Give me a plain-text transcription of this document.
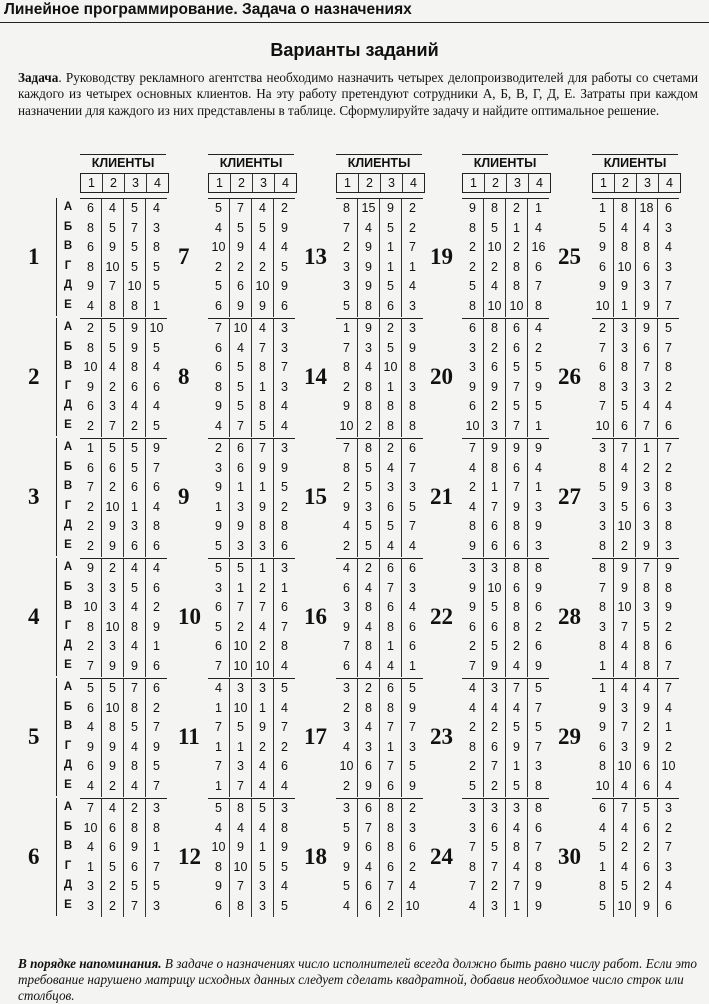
Линейное программирование. Задача о назначениях
Варианты заданий
Задача. Руководству рекламного агентства необходимо назначить четырех делопроизводителей для работы со счетами каждого из четырех основных клиентов. На эту работу претендуют сотрудники А, Б, В, Г, Д, Е. Затраты при каждом назначении для каждого из них представлены в таблице. Сформулируйте задачу и найдите оптимальное решение.
КЛИЕНТЫ
1	2	3	4
1
А
Б
В
Г
Д
Е
6	4	5	4
8	5	7	3
6	9	5	8
8 10 5	5
9	7 10 5
4	8	8	1
2
А
Б
В
Г
Д
Е
2	5	9 10
8	5	9	5
10 4	8	4
9	2	6	6
6	3	4	4
2	7	2	5
3
А
Б
В
Г
Д
Е
1	5	5	9
6	6	5	7
7	2	6	6
2 10 1	4
2	9	3	8
2	9	6	6
4
А
Б
В
Г
Д
Е
9	2	4	4
3	3	5	6
10 3	4	2
8 10 8	9
2	3	4	1
7	9	9	6
5
А
Б
В
Г
Д
Е
5	5	7	6
6 10 8	2
4	8	5	7
9	9	4	9
6	9	8	5
4	2	4	7
6
А
Б
В
Г
Д
Е
7	4	2	3
10 6	8	8
4	6	9	1
1	5	6	7
3	2	5	5
3	2	7	3
КЛИЕНТЫ
1	2	3	4
7
5	7	4	2
4	5	5	9
10 9	4	4
2	2	2	5
5	6 10 9
6	9	9	6
8
7 10 4	3
6	4	7	3
6	5	8	7
8	5	1	3
9	5	8	4
4	7	5	4
9
2	6	7	3
3	6	9	9
9	1	1	5
1	3	9	2
9	9	8	8
5	3	3	6
10
5	5	1	3
3	1	2	1
6	7	7	6
5	2	4	7
6 10 2	8
7 10 10 4
11
4	3	3	5
1 10 1	4
7	5	9	7
1	1	2	2
7	3	4	6
1	7	4	4
12
5	8	5	3
4	4	4	8
10 9	1	9
8 10 5	5
9	7	3	4
6	8	3	5
КЛИЕНТЫ
1	2	3	4
13
8 15 9	2
7	4	5	2
2	9	1	7
3	9	1	1
3	9	5	4
5	8	6	3
14
1	9	2	3
7	3	5	9
8	4 10 8
2	8	1	3
9	8	8	8
10 2	8	8
15
7	8	2	6
8	5	4	7
2	5	3	3
9	3	6	5
4	5	5	7
2	5	4	4
16
4	2	6	6
6	4	7	3
3	8	6	4
9	4	8	6
7	8	1	6
6	4	4	1
17
3	2	6	5
2	8	8	9
3	4	7	7
4	3	1	3
10 6	7	5
2	9	6	9
18
3	6	8	2
5	7	8	3
9	6	8	6
9	4	6	2
5	6	7	4
4	6	2 10
КЛИЕНТЫ
1	2	3	4
19
9	8	2	1
8	5	1	4
2 10 2 16
2	2	8	6
5	4	8	7
8 10 10 8
20
6	8	6	4
3	2	6	2
3	6	5	5
9	9	7	9
6	2	5	5
10 3	7	1
21
7	9	9	9
4	8	6	4
2	1	7	1
4	7	9	3
8	6	8	9
9	6	6	3
22
3	3	8	8
9 10 6	9
9	5	8	6
6	6	8	2
2	5	2	6
7	9	4	9
23
4	3	7	5
4	4	4	7
2	2	5	5
8	6	9	7
2	7	1	3
5	2	5	8
24
3	3	3	8
3	6	4	6
7	5	8	7
8	7	4	8
7	2	7	9
4	3	1	9
КЛИЕНТЫ
1	2	3	4
25
1	8 18 6
5	4	4	3
9	8	8	4
6 10 6	3
9	9	3	7
10 1	9	7
26
2	3	9	5
7	3	6	7
6	8	7	8
8	3	3	2
7	5	4	4
10 6	7	6
27
3	7	1	7
8	4	2	2
5	9	3	8
3	5	6	3
3 10 3	8
8	2	9	3
28
8	9	7	9
7	9	8	8
8 10 3	9
3	7	5	2
8	4	8	6
1	4	8	7
29
1	4	4	7
9	3	9	4
9	7	2	1
6	3	9	2
8 10 6 10
10 4	6	4
30
6	7	5	3
4	4	6	2
5	2	2	7
1	4	6	3
8	5	2	4
5 10 9	6
В порядке напоминания. В задаче о назначениях число исполнителей всегда должно быть равно числу работ. Если это требование нарушено матрицу исходных данных следует сделать квадратной, добавив необходимое число строк или столбцов.
